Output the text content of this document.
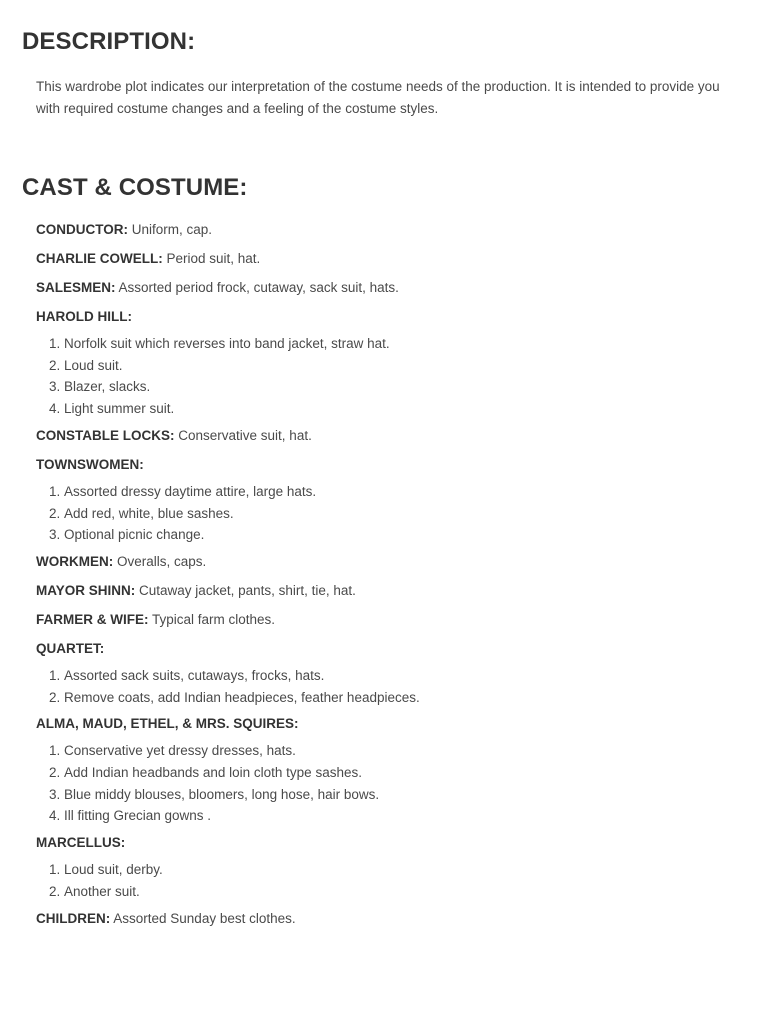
DESCRIPTION:

This wardrobe plot indicates our interpretation of the costume needs of the production. It is intended to provide you with required costume changes and a feeling of the costume styles.

CAST & COSTUME:

CONDUCTOR: Uniform, cap.

CHARLIE COWELL: Period suit, hat.

SALESMEN: Assorted period frock, cutaway, sack suit, hats.

HAROLD HILL:

1. Norfolk suit which reverses into band jacket, straw hat.
2. Loud suit.
3. Blazer, slacks.
4. Light summer suit.

CONSTABLE LOCKS: Conservative suit, hat.

TOWNSWOMEN:

1. Assorted dressy daytime attire, large hats.
2. Add red, white, blue sashes.
3. Optional picnic change.

WORKMEN: Overalls, caps.

MAYOR SHINN: Cutaway jacket, pants, shirt, tie, hat.

FARMER & WIFE: Typical farm clothes.

QUARTET:

1. Assorted sack suits, cutaways, frocks, hats.
2. Remove coats, add Indian headpieces, feather headpieces.

ALMA, MAUD, ETHEL, & MRS. SQUIRES:

1. Conservative yet dressy dresses, hats.
2. Add Indian headbands and loin cloth type sashes.
3. Blue middy blouses, bloomers, long hose, hair bows.
4. Ill fitting Grecian gowns .

MARCELLUS:

1. Loud suit, derby.
2. Another suit.

CHILDREN: Assorted Sunday best clothes.
